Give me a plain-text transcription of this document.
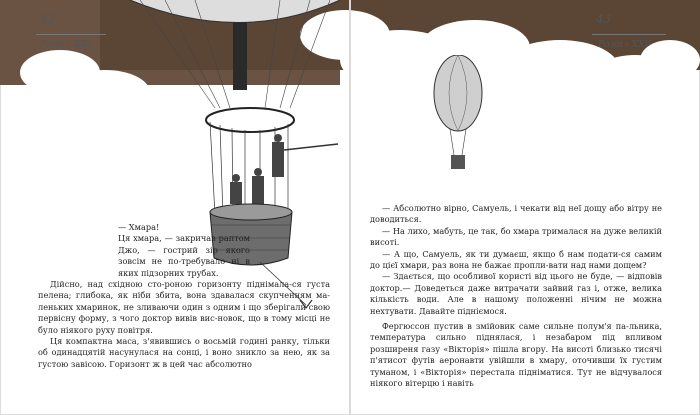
42
Розділ XXV
43
Розділ XXV

— Хмара!

Ця хмара, — закричав раптом Джо, — гострий зір якого зовсім не по-требувало ні в яких підзорних трубах.

Дійсно, над східною сто-роною горизонту піднімала-ся густа пелена; глибока, як ніби збита, вона здавалася скупченням ма-леньких хмаринок, не зливаючи один з одним і що зберігали свою первісну форму, з чого доктор вивів вис-новок, що в тому місці не було ніякого руху повітря.

Ця компактна маса, з'явившись о восьмій годині ранку, тільки об одинадцятій насунулася на сонці, і воно зникло за нею, як за густою завісою. Горизонт ж в цей час абсолютно

— Абсолютно вірно, Самуель, і чекати від неї дощу або вітру не доводиться.

— На лихо, мабуть, це так, бо хмара трималася на дуже великій висоті.

— А що, Самуель, як ти думаєш, якщо б нам подати-ся самим до цієї хмари, раз вона не бажає пропли-вати над нами дощем?

— Здається, що особливої користі від цього не буде, — відповів доктор.— Доведеться даже витрачати зайвий газ і, отже, велика кількість води. Але в нашому положенні нічим не можна нехтувати. Давайте підніємося.

Фергюссон пустив в змійовик саме сильне полум'я па-льника, температура сильно піднялася, і незабаром під впливом розширеня газу «Вікторія» пішла вгору. На висоті близько тисячі п'ятисот футів аеронавти увійшли в хмару, оточивши їх густим туманом, і «Вікторія» перестала підніматися. Тут не відчувалося ніякого вітерцю і навіть
